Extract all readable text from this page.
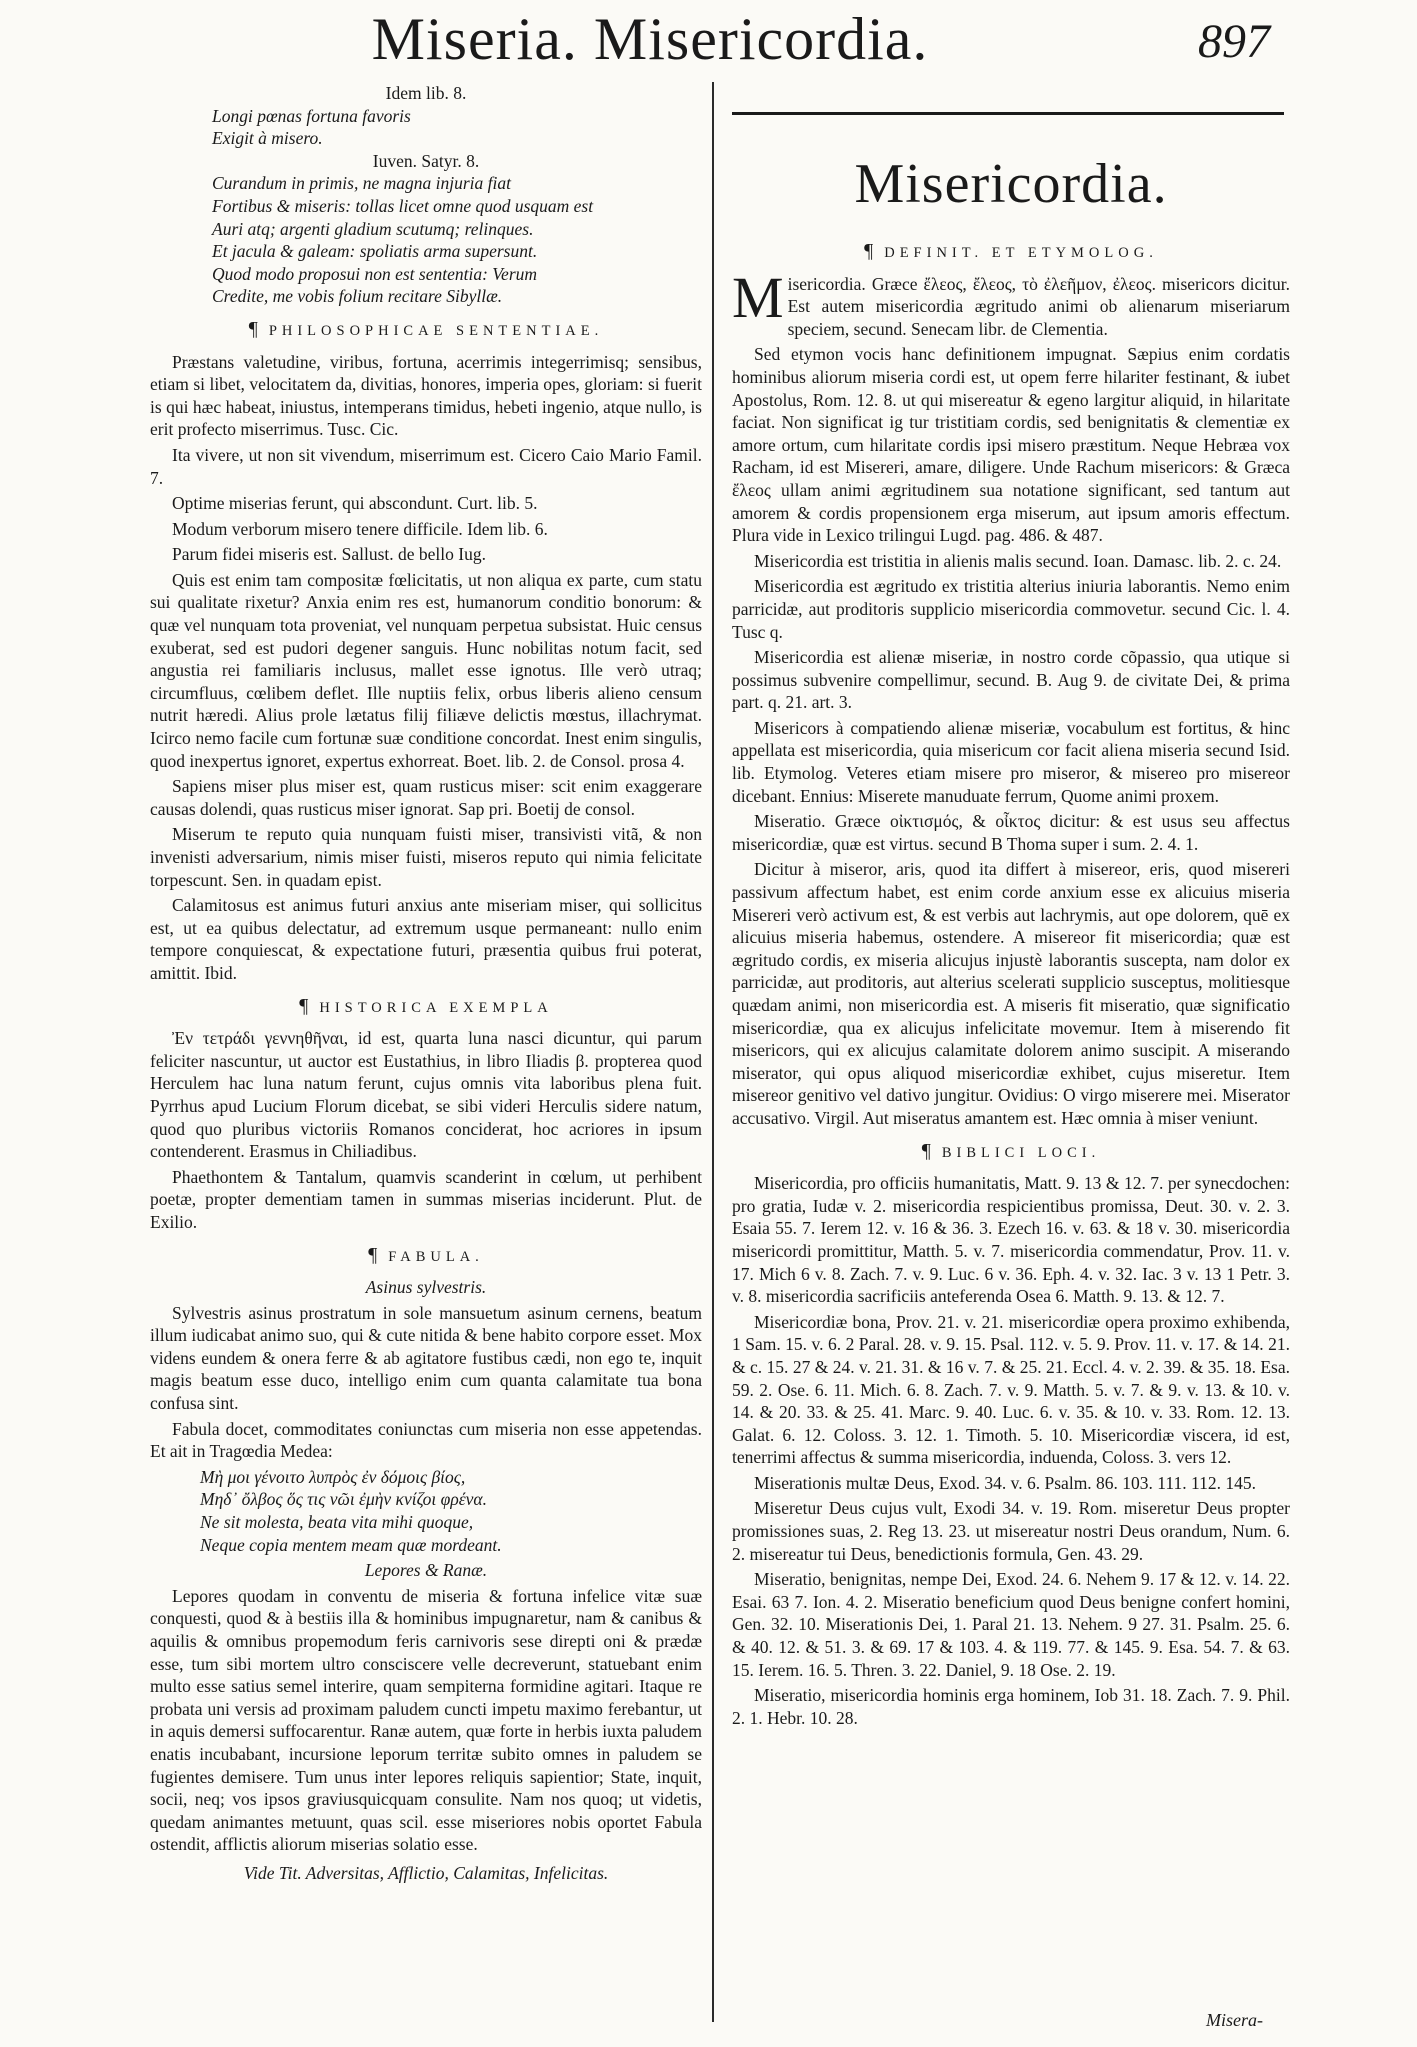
Miseria. Misericordia.	897

Idem lib. 8.

Longi pœnas fortuna favoris

Exigit à misero.

Iuven. Satyr. 8.

Curandum in primis, ne magna injuria fiat

Fortibus & miseris: tollas licet omne quod usquam est

Auri atq; argenti gladium scutumq; relinques.

Et jacula & galeam: spoliatis arma supersunt.

Quod modo proposui non est sententia: Verum

Credite, me vobis folium recitare Sibyllæ.

¶ PHILOSOPHICAE SENTENTIAE.

Præstans valetudine, viribus, fortuna, acerrimis integerrimisq; sensibus, etiam si libet, velocitatem da, divitias, honores, imperia opes, gloriam: si fuerit is qui hæc habeat, iniustus, intemperans timidus, hebeti ingenio, atque nullo, is erit profecto miserrimus. Tusc. Cic.

Ita vivere, ut non sit vivendum, miserrimum est. Cicero Caio Mario Famil. 7.

Optime miserias ferunt, qui abscondunt. Curt. lib. 5.

Modum verborum misero tenere difficile. Idem lib. 6.

Parum fidei miseris est. Sallust. de bello Iug.

Quis est enim tam compositæ fœlicitatis, ut non aliqua ex parte, cum statu sui qualitate rixetur? Anxia enim res est, humanorum conditio bonorum: & quæ vel nunquam tota proveniat, vel nunquam perpetua subsistat. Huic census exuberat, sed est pudori degener sanguis. Hunc nobilitas notum facit, sed angustia rei familiaris inclusus, mallet esse ignotus. Ille verò utraq; circumfluus, cœlibem deflet. Ille nuptiis felix, orbus liberis alieno censum nutrit hæredi. Alius prole lætatus filij filiæve delictis mœstus, illachrymat. Icirco nemo facile cum fortunæ suæ conditione concordat. Inest enim singulis, quod inexpertus ignoret, expertus exhorreat. Boet. lib. 2. de Consol. prosa 4.

Sapiens miser plus miser est, quam rusticus miser: scit enim exaggerare causas dolendi, quas rusticus miser ignorat. Sap pri. Boetij de consol.

Miserum te reputo quia nunquam fuisti miser, transivisti vitã, & non invenisti adversarium, nimis miser fuisti, miseros reputo qui nimia felicitate torpescunt. Sen. in quadam epist.

Calamitosus est animus futuri anxius ante miseriam miser, qui sollicitus est, ut ea quibus delectatur, ad extremum usque permaneant: nullo enim tempore conquiescat, & expectatione futuri, præsentia quibus frui poterat, amittit. Ibid.

¶ HISTORICA EXEMPLA

Ἐν τετράδι γεννηθῆναι, id est, quarta luna nasci dicuntur, qui parum feliciter nascuntur, ut auctor est Eustathius, in libro Iliadis β. propterea quod Herculem hac luna natum ferunt, cujus omnis vita laboribus plena fuit. Pyrrhus apud Lucium Florum dicebat, se sibi videri Herculis sidere natum, quod quo pluribus victoriis Romanos conciderat, hoc acriores in ipsum contenderent. Erasmus in Chiliadibus.

Phaethontem & Tantalum, quamvis scanderint in cœlum, ut perhibent poetæ, propter dementiam tamen in summas miserias inciderunt. Plut. de Exilio.

¶ FABULA.

Asinus sylvestris.

Sylvestris asinus prostratum in sole mansuetum asinum cernens, beatum illum iudicabat animo suo, qui & cute nitida & bene habito corpore esset. Mox videns eundem & onera ferre & ab agitatore fustibus cædi, non ego te, inquit magis beatum esse duco, intelligo enim cum quanta calamitate tua bona confusa sint.

Fabula docet, commoditates coniunctas cum miseria non esse appetendas. Et ait in Tragœdia Medea:

Μὴ μοι γένοιτο λυπρὸς ἐν δόμοις βίος,

Μηδ᾽ ὄλβος ὅς τις νῶι ἐμὴν κνίζοι φρένα.

Ne sit molesta, beata vita mihi quoque,

Neque copia mentem meam quæ mordeant.

Lepores & Ranæ.

Lepores quodam in conventu de miseria & fortuna infelice vitæ suæ conquesti, quod & à bestiis illa & hominibus impugnaretur, nam & canibus & aquilis & omnibus propemodum feris carnivoris sese direpti oni & prædæ esse, tum sibi mortem ultro consciscere velle decreverunt, statuebant enim multo esse satius semel interire, quam sempiterna formidine agitari. Itaque re probata uni versis ad proximam paludem cuncti impetu maximo ferebantur, ut in aquis demersi suffocarentur. Ranæ autem, quæ forte in herbis iuxta paludem enatis incubabant, incursione leporum territæ subito omnes in paludem se fugientes demisere. Tum unus inter lepores reliquis sapientior; State, inquit, socii, neq; vos ipsos graviusquicquam consulite. Nam nos quoq; ut videtis, quedam animantes metuunt, quas scil. esse miseriores nobis oportet Fabula ostendit, afflictis aliorum miserias solatio esse.

Vide Tit. Adversitas, Afflictio, Calamitas, Infelicitas.

Misericordia.
¶ DEFINIT. ET ETYMOLOG.

Misericordia. Græce ἔλεος, ἔλεος, τὸ ἐλεῆμον, ἐλεος. misericors dicitur. Est autem misericordia ægritudo animi ob alienarum miseriarum speciem, secund. Senecam libr. de Clementia.

Sed etymon vocis hanc definitionem impugnat. Sæpius enim cordatis hominibus aliorum miseria cordi est, ut opem ferre hilariter festinant, & iubet Apostolus, Rom. 12. 8. ut qui misereatur & egeno largitur aliquid, in hilaritate faciat. Non significat ig tur tristitiam cordis, sed benignitatis & clementiæ ex amore ortum, cum hilaritate cordis ipsi misero præstitum. Neque Hebræa vox Racham, id est Misereri, amare, diligere. Unde Rachum misericors: & Græca ἔλεος ullam animi ægritudinem sua notatione significant, sed tantum aut amorem & cordis propensionem erga miserum, aut ipsum amoris effectum. Plura vide in Lexico trilingui Lugd. pag. 486. & 487.

Misericordia est tristitia in alienis malis secund. Ioan. Damasc. lib. 2. c. 24.

Misericordia est ægritudo ex tristitia alterius iniuria laborantis. Nemo enim parricidæ, aut proditoris supplicio misericordia commovetur. secund Cic. l. 4. Tusc q.

Misericordia est alienæ miseriæ, in nostro corde cõpassio, qua utique si possimus subvenire compellimur, secund. B. Aug 9. de civitate Dei, & prima part. q. 21. art. 3.

Misericors à compatiendo alienæ miseriæ, vocabulum est fortitus, & hinc appellata est misericordia, quia misericum cor facit aliena miseria secund Isid. lib. Etymolog. Veteres etiam misere pro miseror, & misereo pro misereor dicebant. Ennius: Miserete manuduate ferrum, Quome animi proxem.

Miseratio. Græce οἰκτισμός, & οἶκτος dicitur: & est usus seu affectus misericordiæ, quæ est virtus. secund B Thoma super i sum. 2. 4. 1.

Dicitur à miseror, aris, quod ita differt à misereor, eris, quod misereri passivum affectum habet, est enim corde anxium esse ex alicuius miseria Misereri verò activum est, & est verbis aut lachrymis, aut ope dolorem, quē ex alicuius miseria habemus, ostendere. A misereor fit misericordia; quæ est ægritudo cordis, ex miseria alicujus injustè laborantis suscepta, nam dolor ex parricidæ, aut proditoris, aut alterius scelerati supplicio susceptus, molitiesque quædam animi, non misericordia est. A miseris fit miseratio, quæ significatio misericordiæ, qua ex alicujus infelicitate movemur. Item à miserendo fit misericors, qui ex alicujus calamitate dolorem animo suscipit. A miserando miserator, qui opus aliquod misericordiæ exhibet, cujus miseretur. Item misereor genitivo vel dativo jungitur. Ovidius: O virgo miserere mei. Miserator accusativo. Virgil. Aut miseratus amantem est. Hæc omnia à miser veniunt.

¶ BIBLICI LOCI.

Misericordia, pro officiis humanitatis, Matt. 9. 13 & 12. 7. per synecdochen: pro gratia, Iudæ v. 2. misericordia respicientibus promissa, Deut. 30. v. 2. 3. Esaia 55. 7. Ierem 12. v. 16 & 36. 3. Ezech 16. v. 63. & 18 v. 30. misericordia misericordi promittitur, Matth. 5. v. 7. misericordia commendatur, Prov. 11. v. 17. Mich 6 v. 8. Zach. 7. v. 9. Luc. 6 v. 36. Eph. 4. v. 32. Iac. 3 v. 13 1 Petr. 3. v. 8. misericordia sacrificiis anteferenda Osea 6. Matth. 9. 13. & 12. 7.

Misericordiæ bona, Prov. 21. v. 21. misericordiæ opera proximo exhibenda, 1 Sam. 15. v. 6. 2 Paral. 28. v. 9. 15. Psal. 112. v. 5. 9. Prov. 11. v. 17. & 14. 21. & c. 15. 27 & 24. v. 21. 31. & 16 v. 7. & 25. 21. Eccl. 4. v. 2. 39. & 35. 18. Esa. 59. 2. Ose. 6. 11. Mich. 6. 8. Zach. 7. v. 9. Matth. 5. v. 7. & 9. v. 13. & 10. v. 14. & 20. 33. & 25. 41. Marc. 9. 40. Luc. 6. v. 35. & 10. v. 33. Rom. 12. 13. Galat. 6. 12. Coloss. 3. 12. 1. Timoth. 5. 10. Misericordiæ viscera, id est, tenerrimi affectus & summa misericordia, induenda, Coloss. 3. vers 12.

Miserationis multæ Deus, Exod. 34. v. 6. Psalm. 86. 103. 111. 112. 145.

Miseretur Deus cujus vult, Exodi 34. v. 19. Rom. miseretur Deus propter promissiones suas, 2. Reg 13. 23. ut misereatur nostri Deus orandum, Num. 6. 2. misereatur tui Deus, benedictionis formula, Gen. 43. 29.

Miseratio, benignitas, nempe Dei, Exod. 24. 6. Nehem 9. 17 & 12. v. 14. 22. Esai. 63 7. Ion. 4. 2. Miseratio beneficium quod Deus benigne confert homini, Gen. 32. 10. Miserationis Dei, 1. Paral 21. 13. Nehem. 9 27. 31. Psalm. 25. 6. & 40. 12. & 51. 3. & 69. 17 & 103. 4. & 119. 77. & 145. 9. Esa. 54. 7. & 63. 15. Ierem. 16. 5. Thren. 3. 22. Daniel, 9. 18 Ose. 2. 19.

Miseratio, misericordia hominis erga hominem, Iob 31. 18. Zach. 7. 9. Phil. 2. 1. Hebr. 10. 28.

Misera-
